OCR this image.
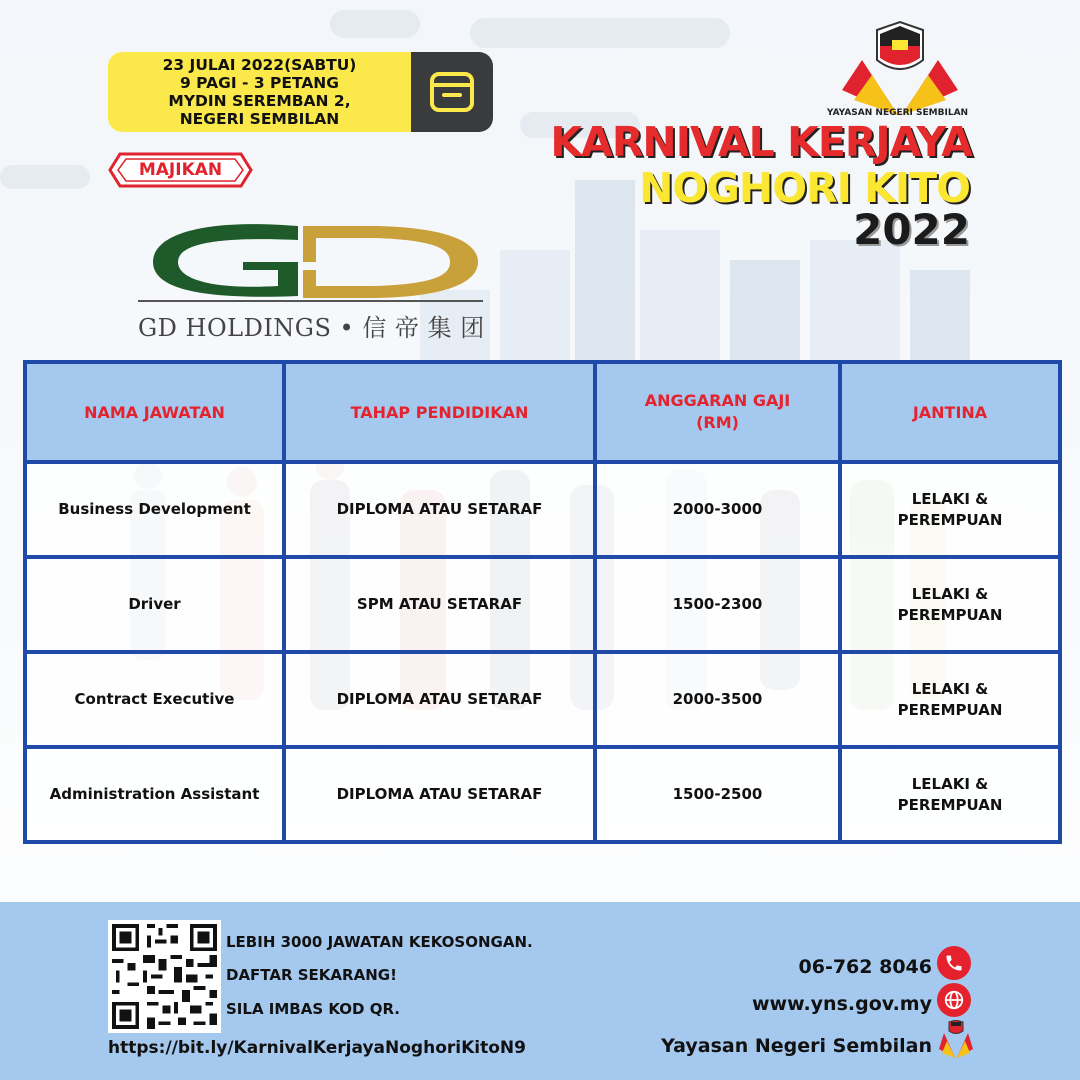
23 JULAI 2022(SABTU)
9 PAGI - 3 PETANG
MYDIN SEREMBAN 2,
NEGERI SEMBILAN
MAJIKAN
YAYASAN NEGERI SEMBILAN
KARNIVAL KERJAYA
NOGHORI KITO
2022
GD HOLDINGS • 信 帝 集 团
NAMA JAWATAN	TAHAP PENDIDIKAN	ANGGARAN GAJI (RM)	JANTINA
Business Development	DIPLOMA ATAU SETARAF	2000-3000	LELAKI & PEREMPUAN

Driver	SPM ATAU SETARAF	1500-2300	LELAKI & PEREMPUAN

Contract Executive	DIPLOMA ATAU SETARAF	2000-3500	LELAKI & PEREMPUAN

Administration Assistant	DIPLOMA ATAU SETARAF	1500-2500	LELAKI & PEREMPUAN
LEBIH 3000 JAWATAN KEKOSONGAN.
DAFTAR SEKARANG!
SILA IMBAS KOD QR.
https://bit.ly/KarnivalKerjayaNoghoriKitoN9
06-762 8046
www.yns.gov.my
Yayasan Negeri Sembilan
